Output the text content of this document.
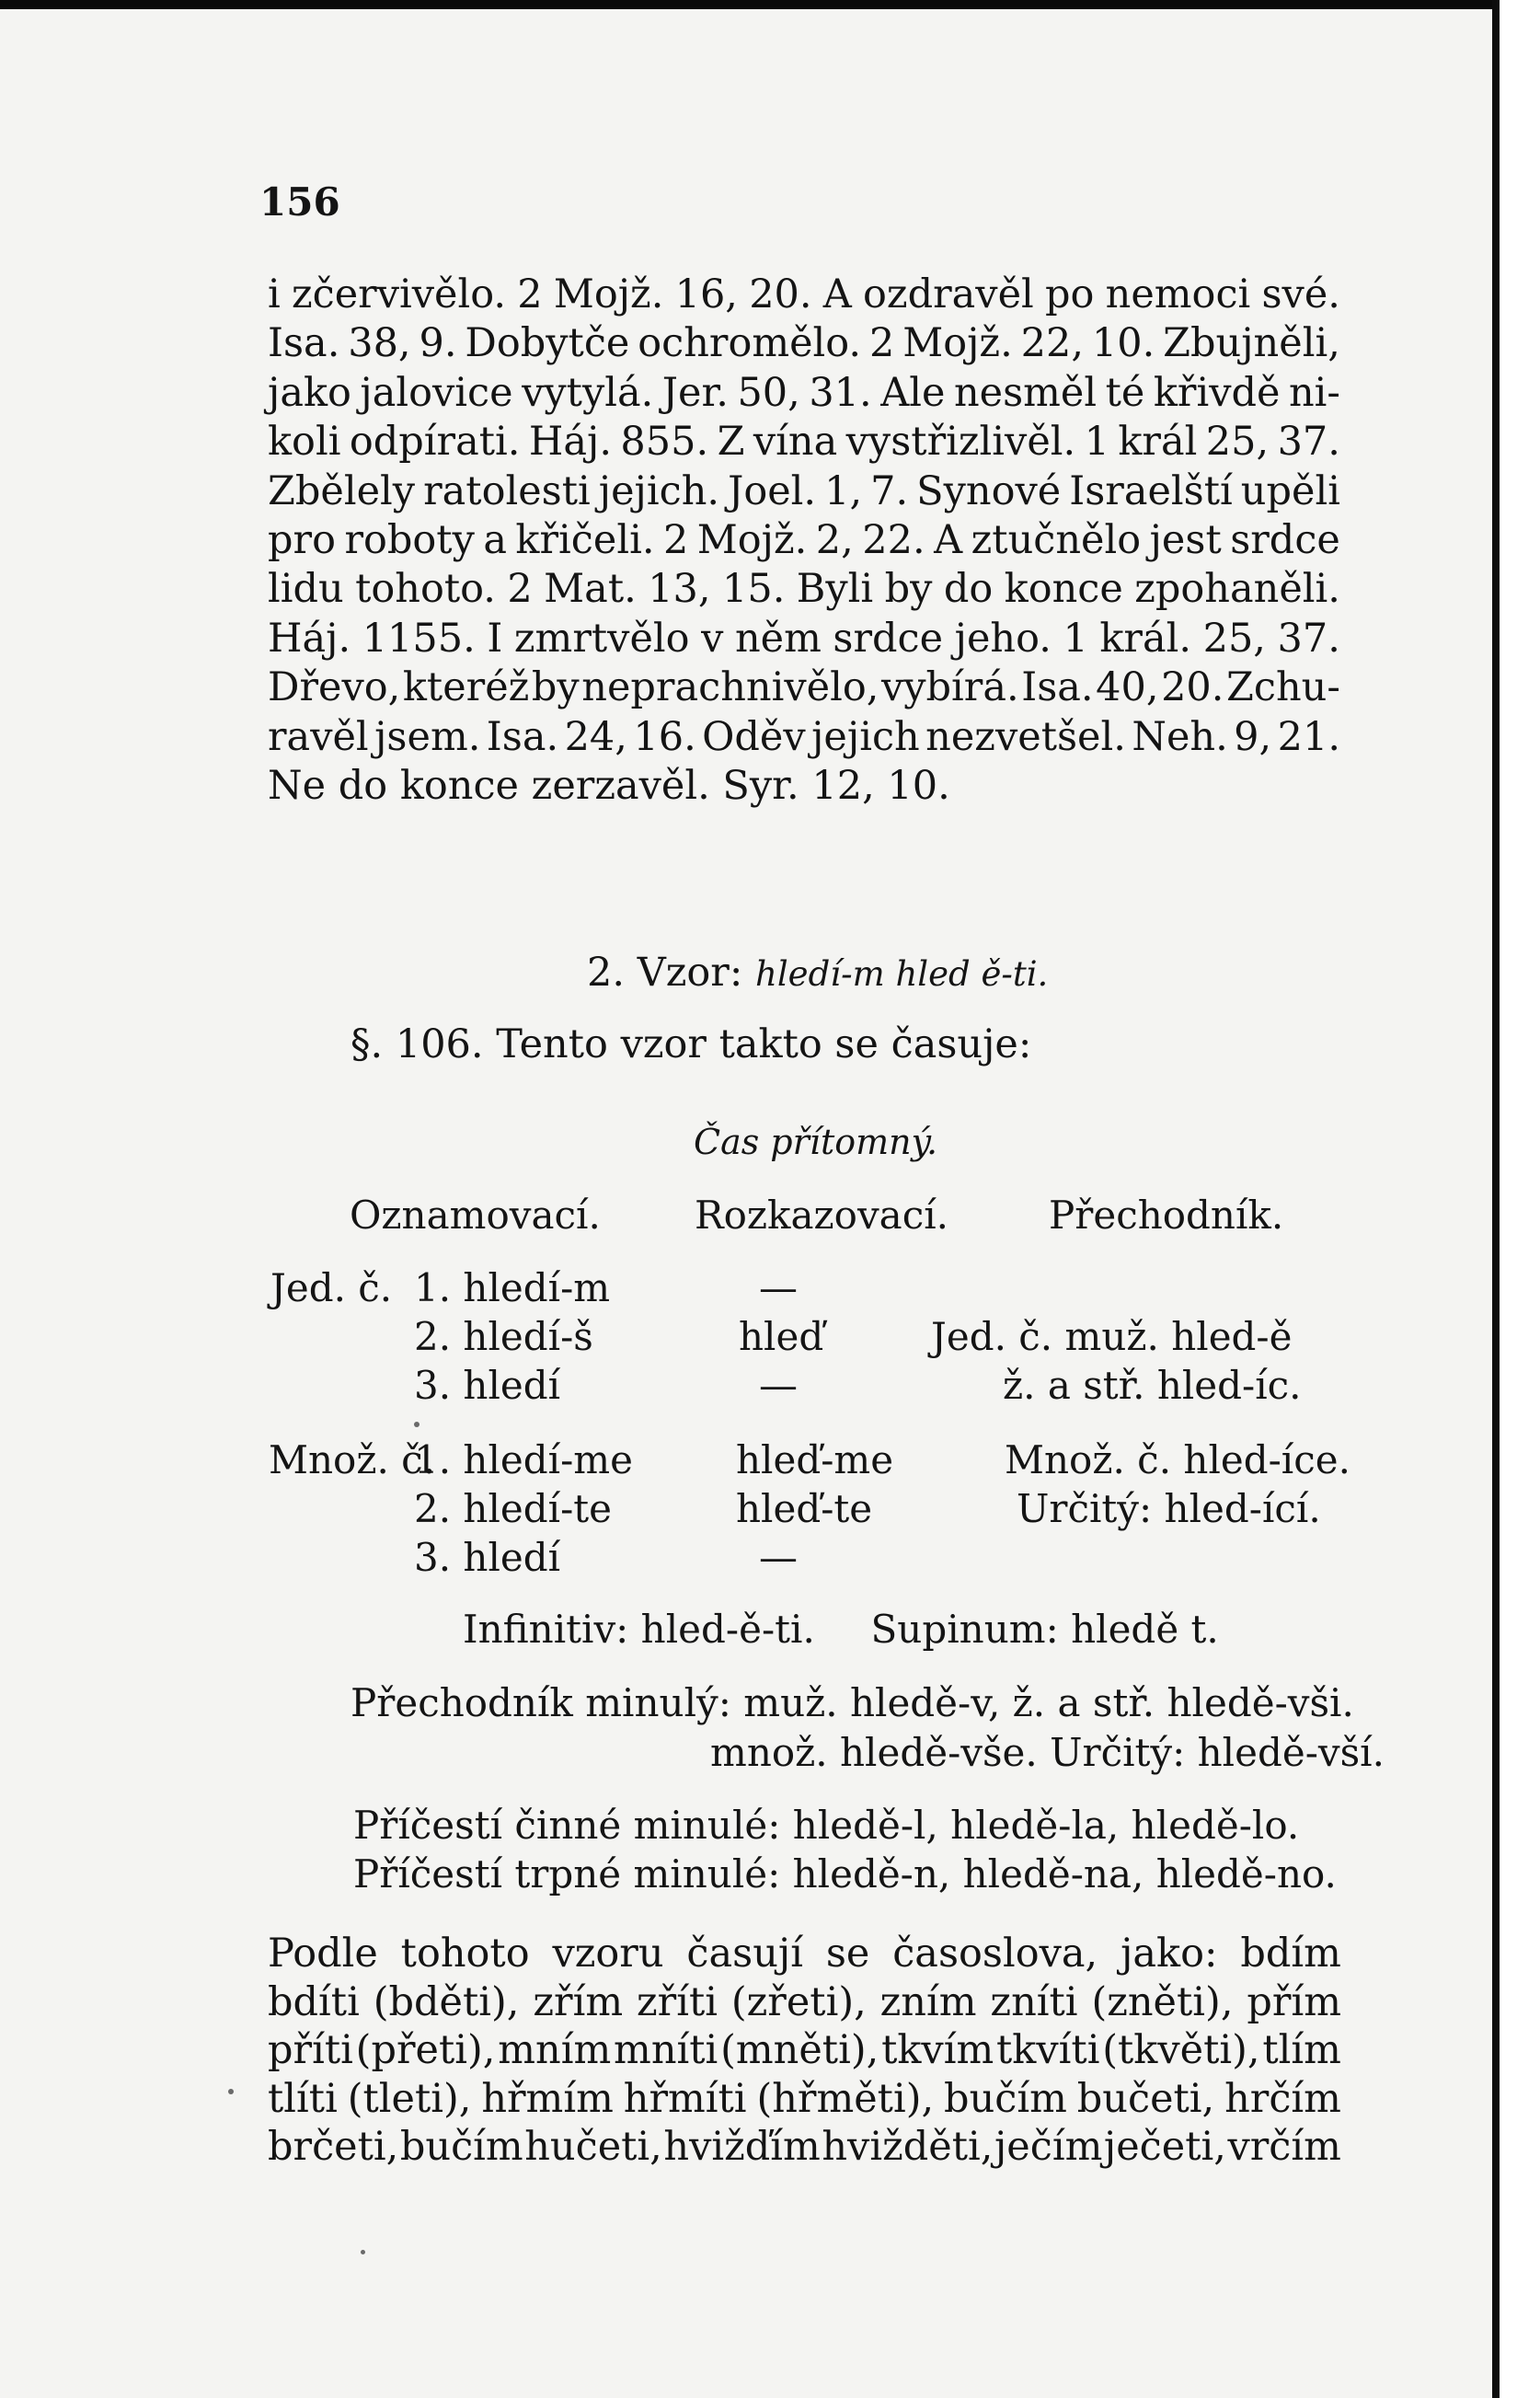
156
i zčervivělo. 2 Mojž. 16, 20. A ozdravěl po nemoci své.
Isa. 38, 9. Dobytče ochromělo. 2 Mojž. 22, 10. Zbujněli,
jako jalovice vytylá. Jer. 50, 31. Ale nesměl té křivdě ni-
koli odpírati. Háj. 855. Z vína vystřizlivěl. 1 král 25, 37.
Zbělely ratolesti jejich. Joel. 1, 7. Synové Israelští upěli
pro roboty a křičeli. 2 Mojž. 2, 22. A ztučnělo jest srdce
lidu tohoto. 2 Mat. 13, 15. Byli by do konce zpohaněli.
Háj. 1155. I zmrtvělo v něm srdce jeho. 1 král. 25, 37.
Dřevo, kteréž by neprachnivělo, vybírá. Isa. 40, 20. Zchu-
ravěl jsem. Isa. 24, 16. Oděv jejich nezvetšel. Neh. 9, 21.
Ne do konce zerzavěl. Syr. 12, 10.
2. Vzor: hledí-m hled ě-ti.
§. 106. Tento vzor takto se časuje:
Čas přítomný.
Oznamovací. Rozkazovací.	Přechodník.
Jed. č. 1. hledí-m
2. hledí-š
3. hledí
—
hleď
—
Jed. č. muž. hled-ě
ž. a stř. hled-íc.
Množ. č.
1. hledí-me
2. hledí-te
3. hledí
hleď-me
hleď-te
—
Množ. č. hled-íce.
Určitý: hled-ící.
Infinitiv: hled-ě-ti. Supinum: hledě t.
Přechodník minulý: muž. hledě-v, ž. a stř. hledě-vši.
množ. hledě-vše. Určitý: hledě-vší.
Příčestí činné minulé: hledě-l, hledě-la, hledě-lo.
Příčestí trpné minulé: hledě-n, hledě-na, hledě-no.
Podle tohoto vzoru časují se časoslova, jako: bdím
bdíti (bděti), zřím zříti (zřeti), zním zníti (zněti), přím
příti (přeti), mním mníti (mněti), tkvím tkvíti (tkvěti), tlím
tlíti (tleti), hřmím hřmíti (hřměti), bučím bučeti, hrčím
brčeti, bučím hučeti, hvižďím hvižděti, ječím ječeti, vrčím
